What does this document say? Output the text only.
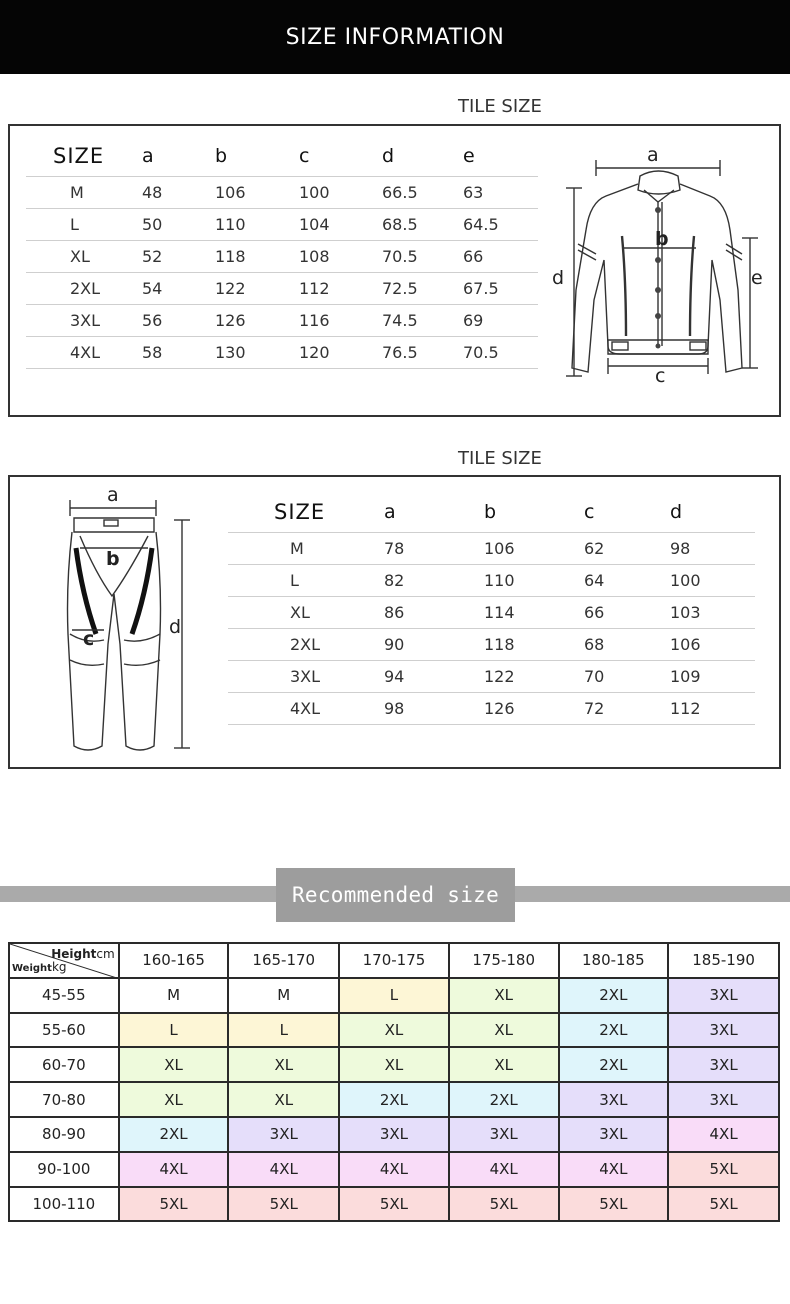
SIZE INFORMATION
TILE SIZE
SIZE	a	b	c	d	e
M	48	106	100	66.5	63
L	50	110	104	68.5	64.5
XL	52	118	108	70.5	66
2XL	54	122	112	72.5	67.5
3XL	56	126	116	74.5	69
4XL	58	130	120	76.5	70.5
a
b
c
d	e
TILE SIZE
a
b
c
d
SIZE	a	b	c	d
M	78	106	62	98
L	82	110	64	100
XL	86	114	66	103
2XL	90	118	68	106
3XL	94	122	70	109
4XL	98	126	72	112
Recommended size
Heightcm
Weightkg	160-165	165-170	170-175	175-180	180-185	185-190
45-55	M	M	L	XL	2XL	3XL
55-60	L	L	XL	XL	2XL	3XL
60-70	XL	XL	XL	XL	2XL	3XL
70-80	XL	XL	2XL	2XL	3XL	3XL
80-90	2XL	3XL	3XL	3XL	3XL	4XL
90-100	4XL	4XL	4XL	4XL	4XL	5XL
100-110	5XL	5XL	5XL	5XL	5XL	5XL
